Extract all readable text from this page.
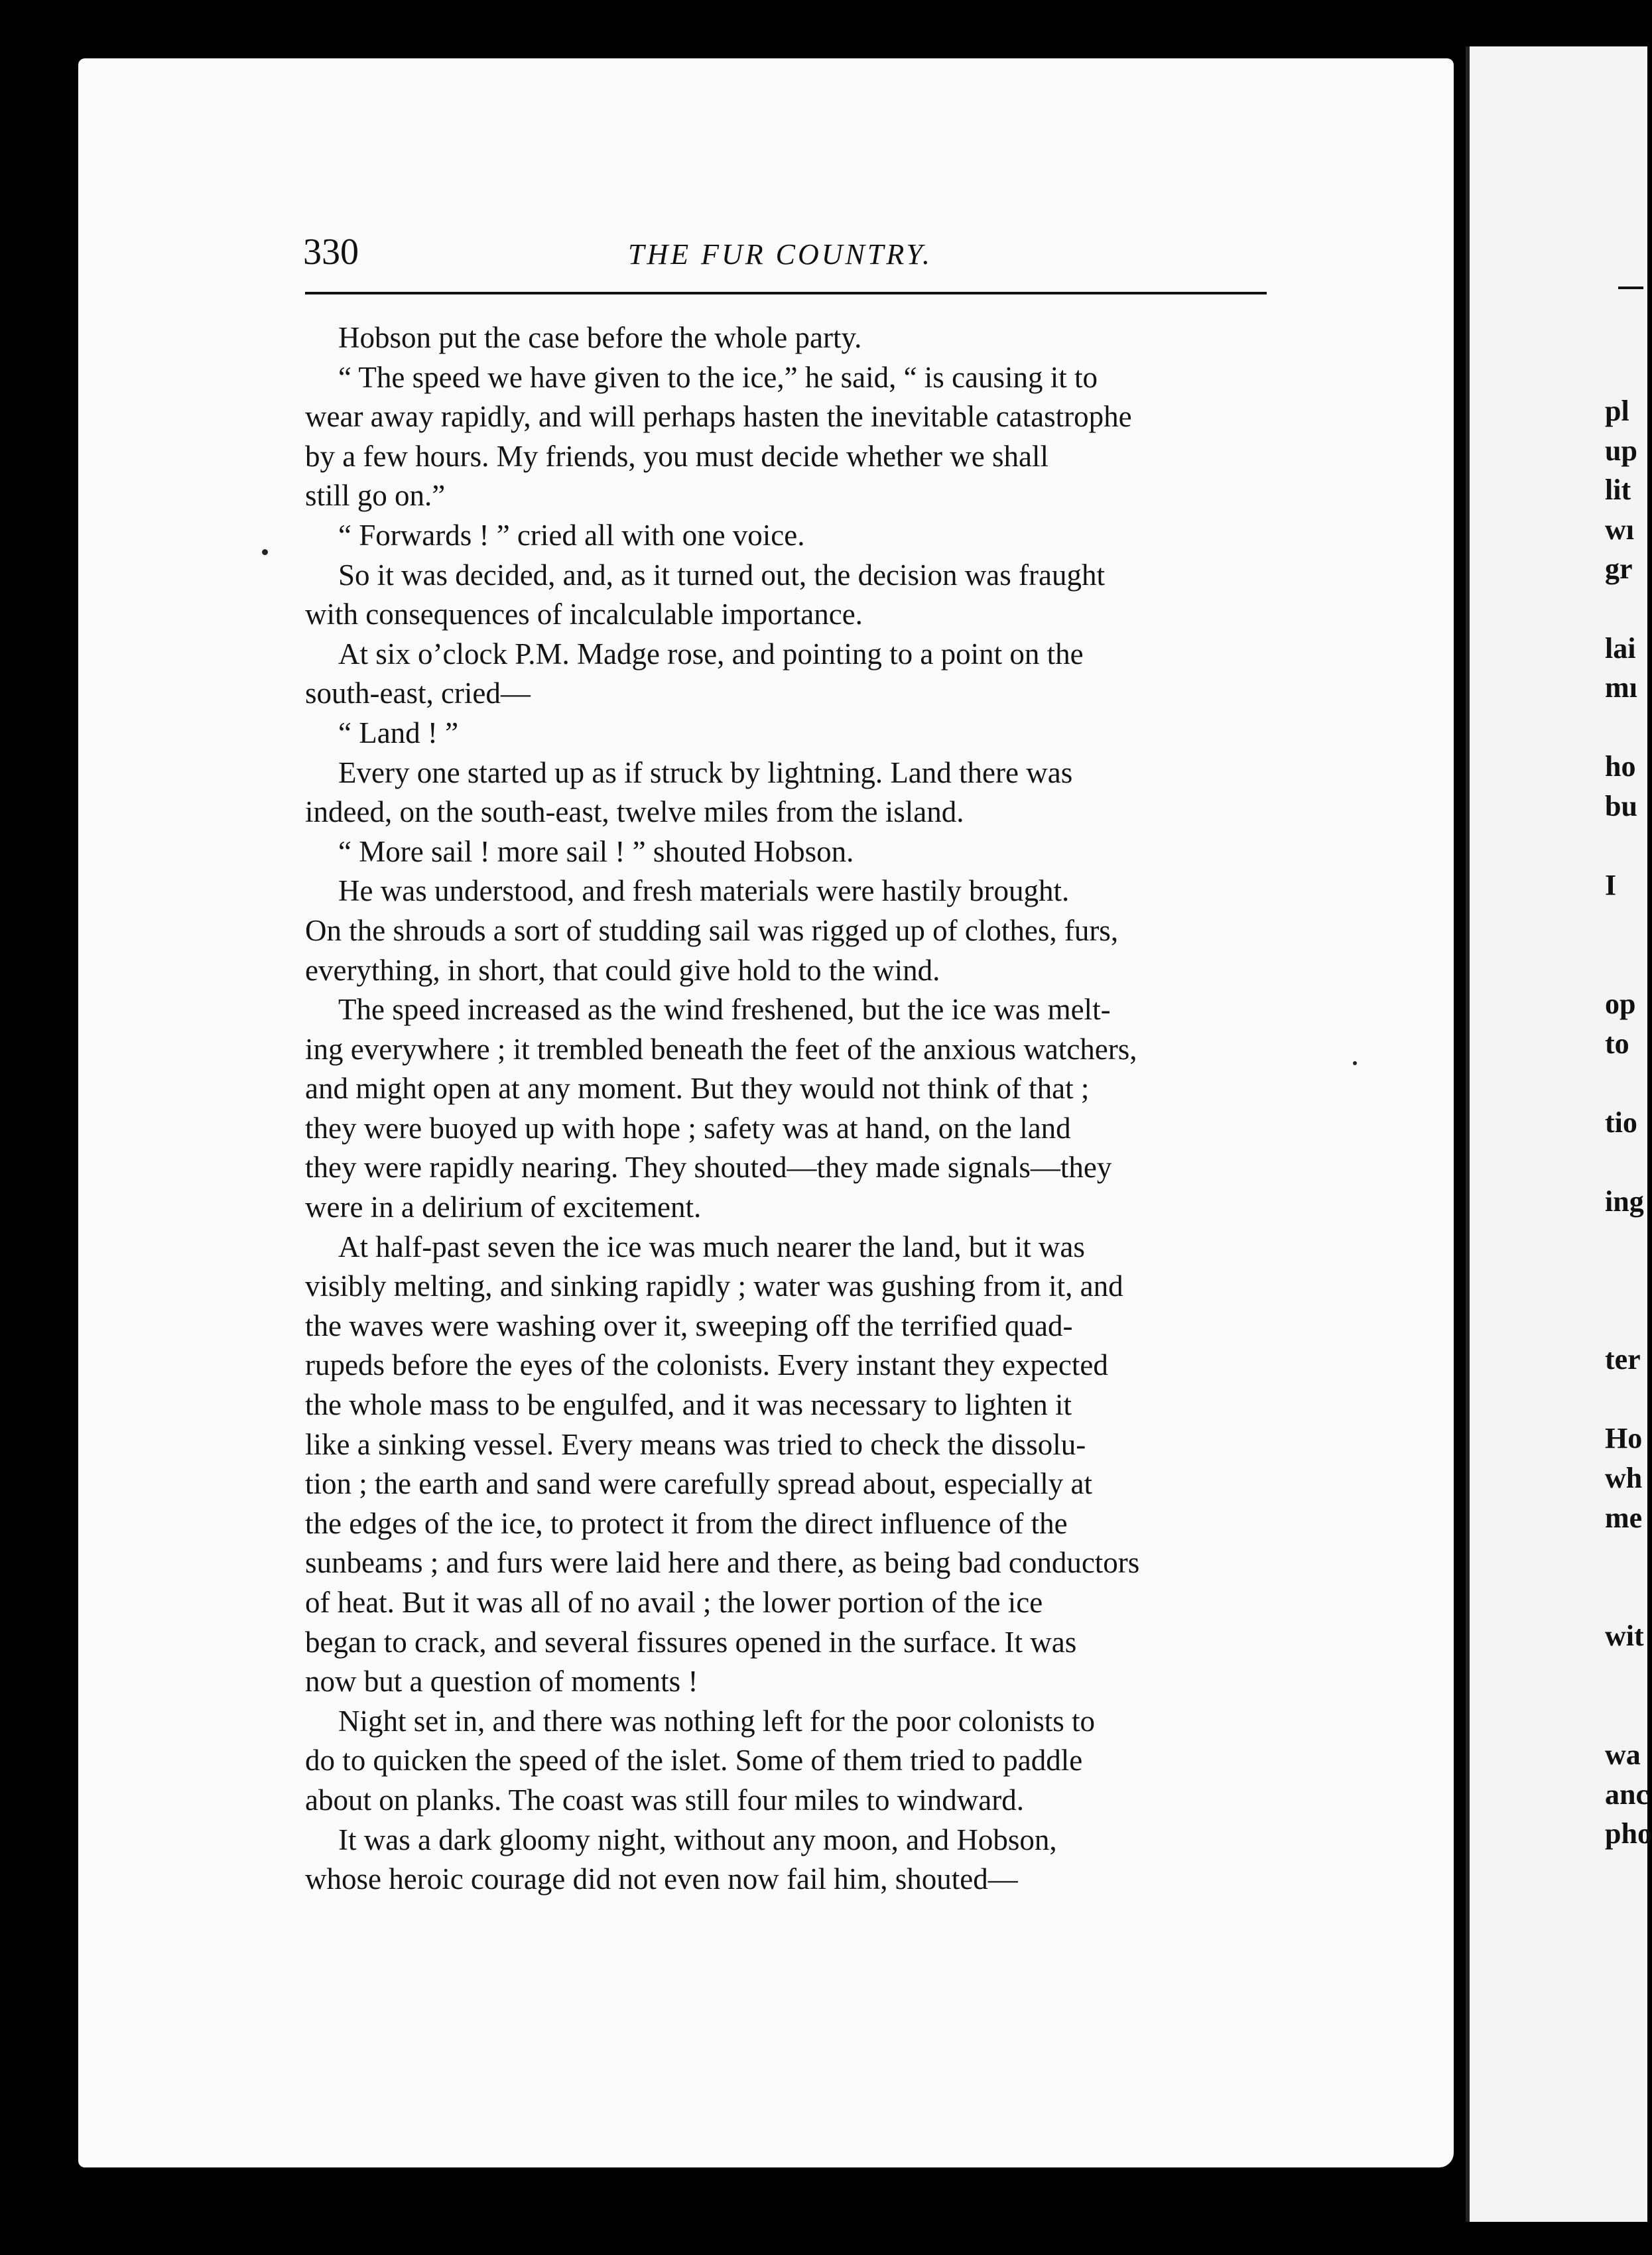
330	THE FUR COUNTRY.

Hobson put the case before the whole party.

“ The speed we have given to the ice,” he said, “ is causing it to
wear away rapidly, and will perhaps hasten the inevitable catastrophe
by a few hours. My friends, you must decide whether we shall
still go on.”

“ Forwards ! ” cried all with one voice.

So it was decided, and, as it turned out, the decision was fraught
with consequences of incalculable importance.

At six o’clock P.M. Madge rose, and pointing to a point on the
south-east, cried—

“ Land ! ”

Every one started up as if struck by lightning. Land there was
indeed, on the south-east, twelve miles from the island.

“ More sail ! more sail ! ” shouted Hobson.

He was understood, and fresh materials were hastily brought.
On the shrouds a sort of studding sail was rigged up of clothes, furs,
everything, in short, that could give hold to the wind.

The speed increased as the wind freshened, but the ice was melt-
ing everywhere ; it trembled beneath the feet of the anxious watchers,
and might open at any moment. But they would not think of that ;
they were buoyed up with hope ; safety was at hand, on the land
they were rapidly nearing. They shouted—they made signals—they
were in a delirium of excitement.

At half-past seven the ice was much nearer the land, but it was
visibly melting, and sinking rapidly ; water was gushing from it, and
the waves were washing over it, sweeping off the terrified quad-
rupeds before the eyes of the colonists. Every instant they expected
the whole mass to be engulfed, and it was necessary to lighten it
like a sinking vessel. Every means was tried to check the dissolu-
tion ; the earth and sand were carefully spread about, especially at
the edges of the ice, to protect it from the direct influence of the
sunbeams ; and furs were laid here and there, as being bad conductors
of heat. But it was all of no avail ; the lower portion of the ice
began to crack, and several fissures opened in the surface. It was
now but a question of moments !

Night set in, and there was nothing left for the poor colonists to
do to quicken the speed of the islet. Some of them tried to paddle
about on planks. The coast was still four miles to windward.

It was a dark gloomy night, without any moon, and Hobson,
whose heroic courage did not even now fail him, shouted—

pl
up
lit
wı
gr

lai
mı

ho
bu

I

op
to

tio

ing

ter

Ho
wh
me

wit

wa
anc
pho
